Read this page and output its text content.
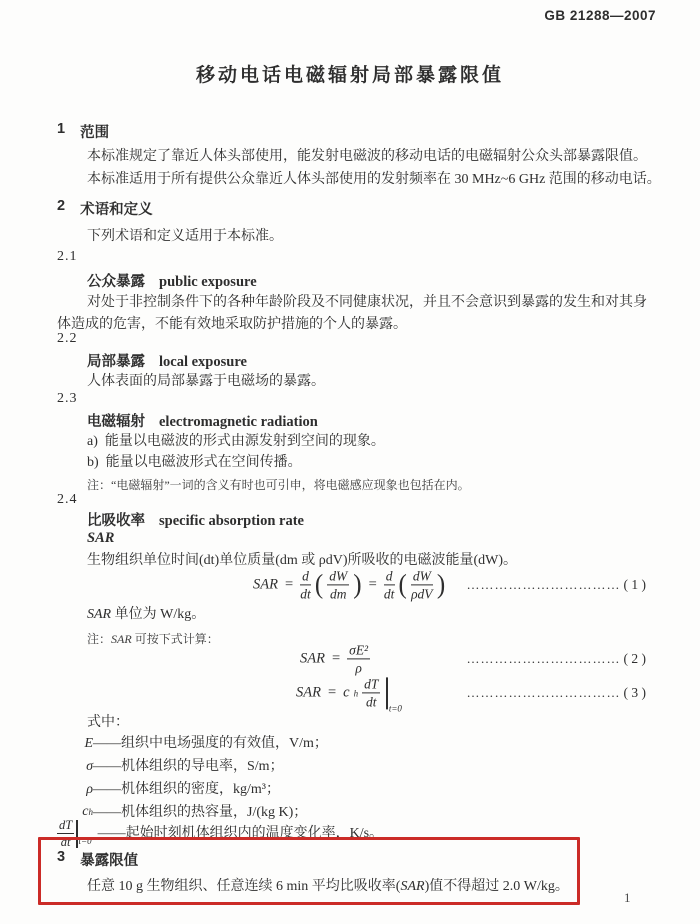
GB 21288—2007
移动电话电磁辐射局部暴露限值
1 范围

本标准规定了靠近人体头部使用，能发射电磁波的移动电话的电磁辐射公众头部暴露限值。

本标准适用于所有提供公众靠近人体头部使用的发射频率在 30 MHz~6 GHz 范围的移动电话。

2 术语和定义

下列术语和定义适用于本标准。

2.1
公众暴露 public exposure

对处于非控制条件下的各种年龄阶段及不同健康状况，并且不会意识到暴露的发生和对其身体造成的危害，不能有效地采取防护措施的个人的暴露。

2.2
局部暴露 local exposure

人体表面的局部暴露于电磁场的暴露。

2.3
电磁辐射 electromagnetic radiation

a) 能量以电磁波的形式由源发射到空间的现象。

b) 能量以电磁波形式在空间传播。

注：“电磁辐射”一词的含义有时也可引申，将电磁感应现象也包括在内。

2.4
比吸收率 specific absorption rate
SAR

生物组织单位时间(dt)单位质量(dm 或 ρdV)所吸收的电磁波能量(dW)。

SAR = $\frac{d}{dt}$ ( $\frac{dW}{dm}$ ) = $\frac{d}{dt}$ ( $\frac{dW}{\text{ρdV}}$ ) …………………………… ( 1 )

SAR 单位为 W/kg。

注：SAR 可按下式计算：

SAR = $\frac{\text{σE²}}{\rho}$	…………………………… ( 2 )
SAR = c h $\frac{dT}{dt} t=0$
…………………………… ( 3 )
式中：
E ——组织中电场强度的有效值，V/m；
σ ——机体组织的导电率，S/m；
ρ ——机体组织的密度，kg/m³；
c h ——机体组织的热容量，J/(kg K)；
$\frac{dT}{dt} t=0$ ——起始时刻机体组织内的温度变化率，K/s。
3 暴露限值

任意 10 g 生物组织、任意连续 6 min 平均比吸收率(SAR)值不得超过 2.0 W/kg。

1
